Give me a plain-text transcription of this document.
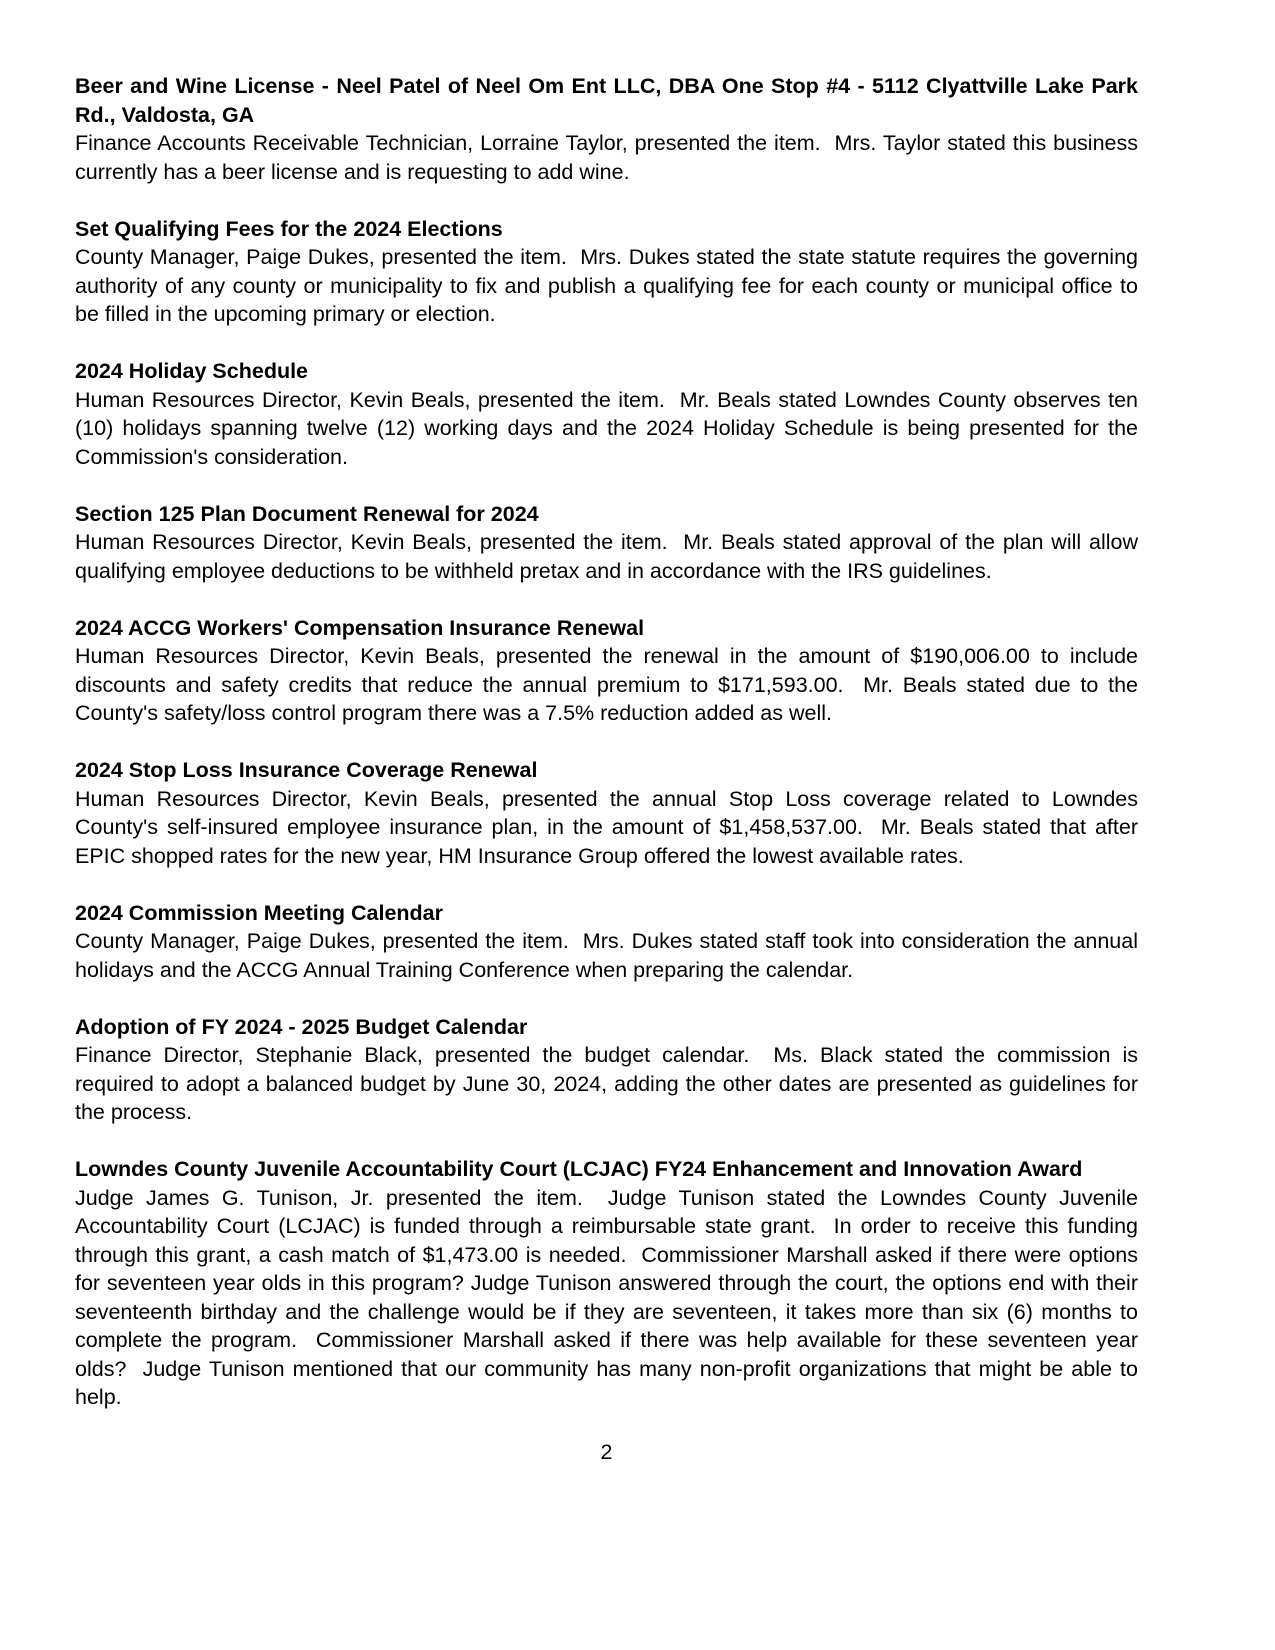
Beer and Wine License - Neel Patel of Neel Om Ent LLC, DBA One Stop #4 - 5112 Clyattville Lake Park Rd., Valdosta, GA

Finance Accounts Receivable Technician, Lorraine Taylor, presented the item.  Mrs. Taylor stated this business currently has a beer license and is requesting to add wine.

Set Qualifying Fees for the 2024 Elections

County Manager, Paige Dukes, presented the item.  Mrs. Dukes stated the state statute requires the governing authority of any county or municipality to fix and publish a qualifying fee for each county or municipal office to be filled in the upcoming primary or election.

2024 Holiday Schedule

Human Resources Director, Kevin Beals, presented the item.  Mr. Beals stated Lowndes County observes ten (10) holidays spanning twelve (12) working days and the 2024 Holiday Schedule is being presented for the Commission's consideration.

Section 125 Plan Document Renewal for 2024

Human Resources Director, Kevin Beals, presented the item.  Mr. Beals stated approval of the plan will allow qualifying employee deductions to be withheld pretax and in accordance with the IRS guidelines.

2024 ACCG Workers' Compensation Insurance Renewal

Human Resources Director, Kevin Beals, presented the renewal in the amount of $190,006.00 to include discounts and safety credits that reduce the annual premium to $171,593.00.  Mr. Beals stated due to the County's safety/loss control program there was a 7.5% reduction added as well.

2024 Stop Loss Insurance Coverage Renewal

Human Resources Director, Kevin Beals, presented the annual Stop Loss coverage related to Lowndes County's self-insured employee insurance plan, in the amount of $1,458,537.00.  Mr. Beals stated that after EPIC shopped rates for the new year, HM Insurance Group offered the lowest available rates.

2024 Commission Meeting Calendar

County Manager, Paige Dukes, presented the item.  Mrs. Dukes stated staff took into consideration the annual holidays and the ACCG Annual Training Conference when preparing the calendar.

Adoption of FY 2024 - 2025 Budget Calendar

Finance Director, Stephanie Black, presented the budget calendar.  Ms. Black stated the commission is required to adopt a balanced budget by June 30, 2024, adding the other dates are presented as guidelines for the process.

Lowndes County Juvenile Accountability Court (LCJAC) FY24 Enhancement and Innovation Award

Judge James G. Tunison, Jr. presented the item.  Judge Tunison stated the Lowndes County Juvenile Accountability Court (LCJAC) is funded through a reimbursable state grant.  In order to receive this funding through this grant, a cash match of $1,473.00 is needed.  Commissioner Marshall asked if there were options for seventeen year olds in this program? Judge Tunison answered through the court, the options end with their seventeenth birthday and the challenge would be if they are seventeen, it takes more than six (6) months to complete the program.  Commissioner Marshall asked if there was help available for these seventeen year olds?  Judge Tunison mentioned that our community has many non-profit organizations that might be able to help.

2
